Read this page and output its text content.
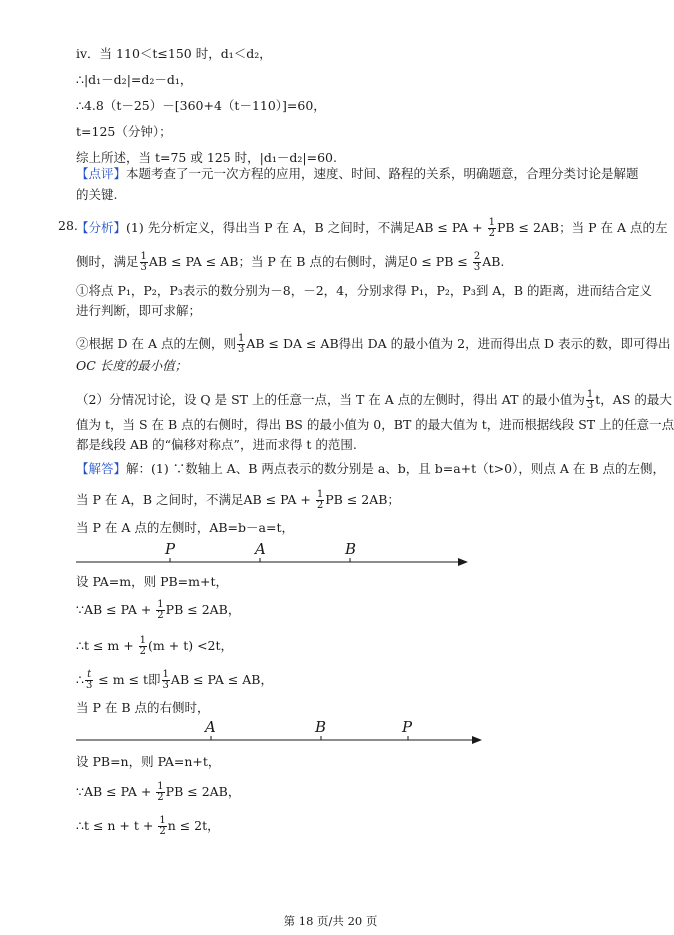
iv．当 110＜t≤150 时，d₁＜d₂，
∴|d₁－d₂|=d₂－d₁，
∴4.8（t－25）－[360+4（t－110）]=60，
t=125（分钟）；
综上所述，当 t=75 或 125 时，|d₁－d₂|=60.
【点评】本题考查了一元一次方程的应用，速度、时间、路程的关系，明确题意，合理分类讨论是解题
的关键.
28.
【分析】(1) 先分析定义，得出当 P 在 A，B 之间时，不满足AB ≤ PA + $\frac{1}{2}$ PB ≤ 2AB；当 P 在 A 点的左
侧时，满足 $\frac{1}{3}$ AB ≤ PA ≤ AB；当 P 在 B 点的右侧时，满足0 ≤ PB ≤ $\frac{2}{3}$ AB.
①将点 P₁，P₂，P₃表示的数分别为－8，－2，4，分别求得 P₁，P₂，P₃到 A，B 的距离，进而结合定义
进行判断，即可求解；
②根据 D 在 A 点的左侧，则 $\frac{1}{3}$ AB ≤ DA ≤ AB得出 DA 的最小值为 2，进而得出点 D 表示的数，即可得出
OC 长度的最小值；
（2）分情况讨论，设 Q 是 ST 上的任意一点，当 T 在 A 点的左侧时，得出 AT 的最小值为 $\frac{1}{3}$ t，AS 的最大
值为 t，当 S 在 B 点的右侧时，得出 BS 的最小值为 0，BT 的最大值为 t，进而根据线段 ST 上的任意一点
都是线段 AB 的“偏移对称点”，进而求得 t 的范围.
【解答】解：(1) ∵数轴上 A、B 两点表示的数分别是 a、b，且 b=a+t（t>0），则点 A 在 B 点的左侧，
当 P 在 A，B 之间时，不满足AB ≤ PA + $\frac{1}{2}$ PB ≤ 2AB；
当 P 在 A 点的左侧时，AB=b－a=t，
P	A	B
设 PA=m，则 PB=m+t，
∵AB ≤ PA + $\frac{1}{2}$ PB ≤ 2AB，
∴t ≤ $m + \frac{1}{2} (m + t) <2t$，
∴ $\frac{t}{3} \le m \le t$即 $\frac{1}{3}$ AB ≤ PA ≤ AB，
当 P 在 B 点的右侧时，
A	B	P
设 PB=n，则 PA=n+t，
∵AB ≤ PA + $\frac{1}{2}$ PB ≤ 2AB，
∴t ≤ $n + t + \frac{1}{2}$ n ≤ 2t，
第 18 页/共 20 页
